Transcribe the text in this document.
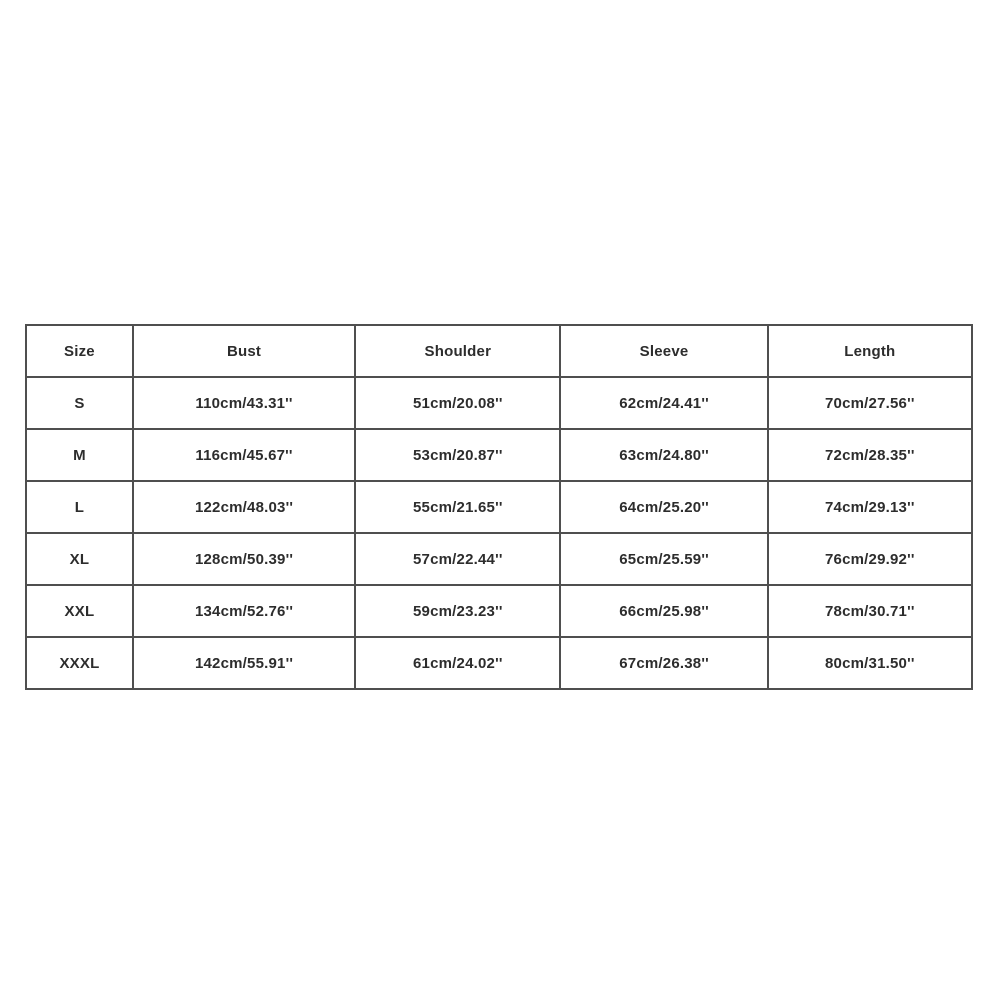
Size	Bust	Shoulder	Sleeve	Length
S	110cm/43.31''	51cm/20.08''	62cm/24.41''	70cm/27.56''
M	116cm/45.67''	53cm/20.87''	63cm/24.80''	72cm/28.35''
L	122cm/48.03''	55cm/21.65''	64cm/25.20''	74cm/29.13''
XL	128cm/50.39''	57cm/22.44''	65cm/25.59''	76cm/29.92''
XXL	134cm/52.76''	59cm/23.23''	66cm/25.98''	78cm/30.71''
XXXL	142cm/55.91''	61cm/24.02''	67cm/26.38''	80cm/31.50''
